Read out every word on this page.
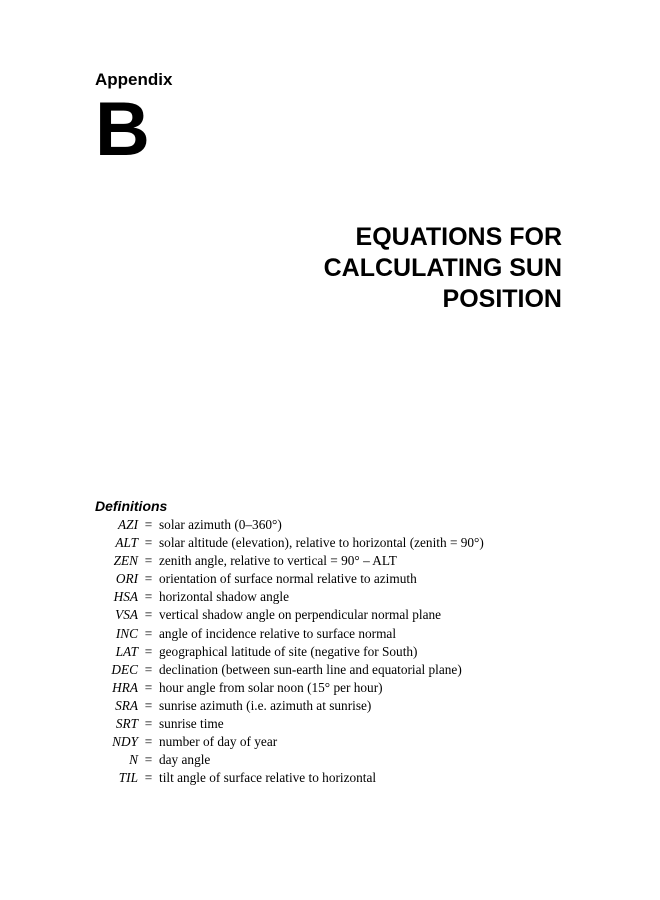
Appendix
B
EQUATIONS FOR
CALCULATING SUN
POSITION
Definitions
AZI = solar azimuth (0–360°)
ALT = solar altitude (elevation), relative to horizontal (zenith = 90°)
ZEN = zenith angle, relative to vertical = 90° – ALT
ORI = orientation of surface normal relative to azimuth
HSA = horizontal shadow angle
VSA = vertical shadow angle on perpendicular normal plane
INC = angle of incidence relative to surface normal
LAT = geographical latitude of site (negative for South)
DEC = declination (between sun-earth line and equatorial plane)
HRA = hour angle from solar noon (15° per hour)
SRA = sunrise azimuth (i.e. azimuth at sunrise)
SRT = sunrise time
NDY = number of day of year
N = day angle
TIL = tilt angle of surface relative to horizontal
